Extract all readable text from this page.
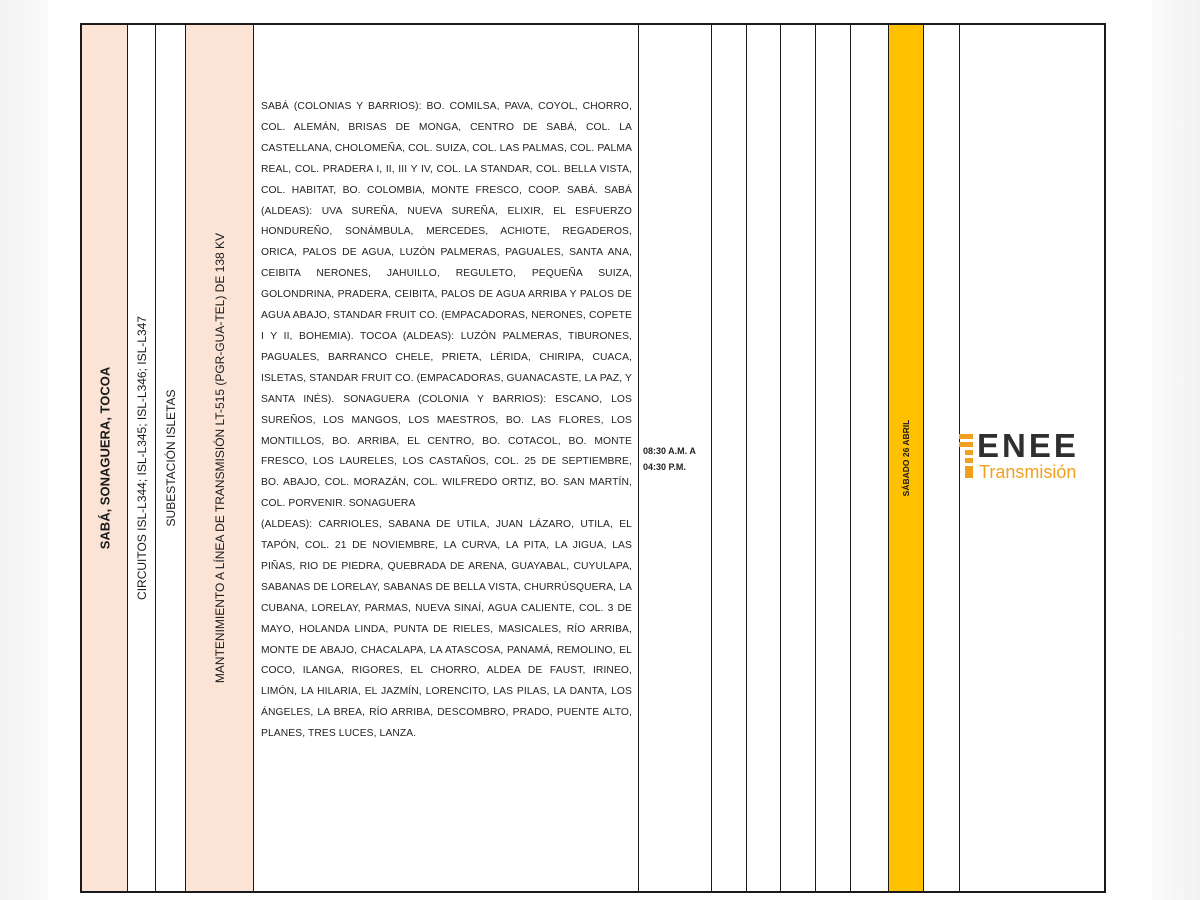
SABÁ, SONAGUERA, TOCOA CIRCUITOS ISL-L344; ISL-L345; ISL-L346; ISL-L347 SUBESTACIÓN ISLETAS	MANTENIMIENTO A LÍNEA DE TRANSMISIÓN LT-515 (PGR-GUA-TEL) DE 138 KV

SABÁ (COLONIAS Y BARRIOS): BO. COMILSA, PAVA, COYOL, CHORRO, COL. ALEMÁN, BRISAS DE MONGA, CENTRO DE SABÁ, COL. LA CASTELLANA, CHOLOMEÑA, COL. SUIZA, COL. LAS PALMAS, COL. PALMA REAL, COL. PRADERA I, II, III Y IV, COL. LA STANDAR, COL. BELLA VISTA, COL. HABITAT, BO. COLOMBIA, MONTE FRESCO, COOP. SABÁ. SABÁ (ALDEAS): UVA SUREÑA, NUEVA SUREÑA, ELIXIR, EL ESFUERZO HONDUREÑO, SONÁMBULA, MERCEDES, ACHIOTE, REGADEROS, ORICA, PALOS DE AGUA, LUZÓN PALMERAS, PAGUALES, SANTA ANA, CEIBITA NERONES, JAHUILLO, REGULETO, PEQUEÑA SUIZA, GOLONDRINA, PRADERA, CEIBITA, PALOS DE AGUA ARRIBA Y PALOS DE AGUA ABAJO, STANDAR FRUIT CO. (EMPACADORAS, NERONES, COPETE I Y II, BOHEMIA). TOCOA (ALDEAS): LUZÓN PALMERAS, TIBURONES, PAGUALES, BARRANCO CHELE, PRIETA, LÉRIDA, CHIRIPA, CUACA, ISLETAS, STANDAR FRUIT CO. (EMPACADORAS, GUANACASTE, LA PAZ, Y SANTA INÉS). SONAGUERA (COLONIA Y BARRIOS): ESCANO, LOS SUREÑOS, LOS MANGOS, LOS MAESTROS, BO. LAS FLORES, LOS MONTILLOS, BO. ARRIBA, EL CENTRO, BO. COTACOL, BO. MONTE FRESCO, LOS LAURELES, LOS CASTAÑOS, COL. 25 DE SEPTIEMBRE, BO. ABAJO, COL. MORAZÁN, COL. WILFREDO ORTIZ, BO. SAN MARTÍN, COL. PORVENIR. SONAGUERA

(ALDEAS): CARRIOLES, SABANA DE UTILA, JUAN LÁZARO, UTILA, EL TAPÓN, COL. 21 DE NOVIEMBRE, LA CURVA, LA PITA, LA JIGUA, LAS PIÑAS, RIO DE PIEDRA, QUEBRADA DE ARENA, GUAYABAL, CUYULAPA, SABANAS DE LORELAY, SABANAS DE BELLA VISTA, CHURRÚSQUERA, LA CUBANA, LORELAY, PARMAS, NUEVA SINAÍ, AGUA CALIENTE, COL. 3 DE MAYO, HOLANDA LINDA, PUNTA DE RIELES, MASICALES, RÍO ARRIBA, MONTE DE ABAJO, CHACALAPA, LA ATASCOSA, PANAMÁ, REMOLINO, EL COCO, ILANGA, RIGORES, EL CHORRO, ALDEA DE FAUST, IRINEO, LIMÓN, LA HILARIA, EL JAZMÍN, LORENCITO, LAS PILAS, LA DANTA, LOS ÁNGELES, LA BREA, RÍO ARRIBA, DESCOMBRO, PRADO, PUENTE ALTO, PLANES, TRES LUCES, LANZA.

08:30 A.M. A
04:30 P.M.	SÁBADO 26 ABRIL ENEE
Transmisión
